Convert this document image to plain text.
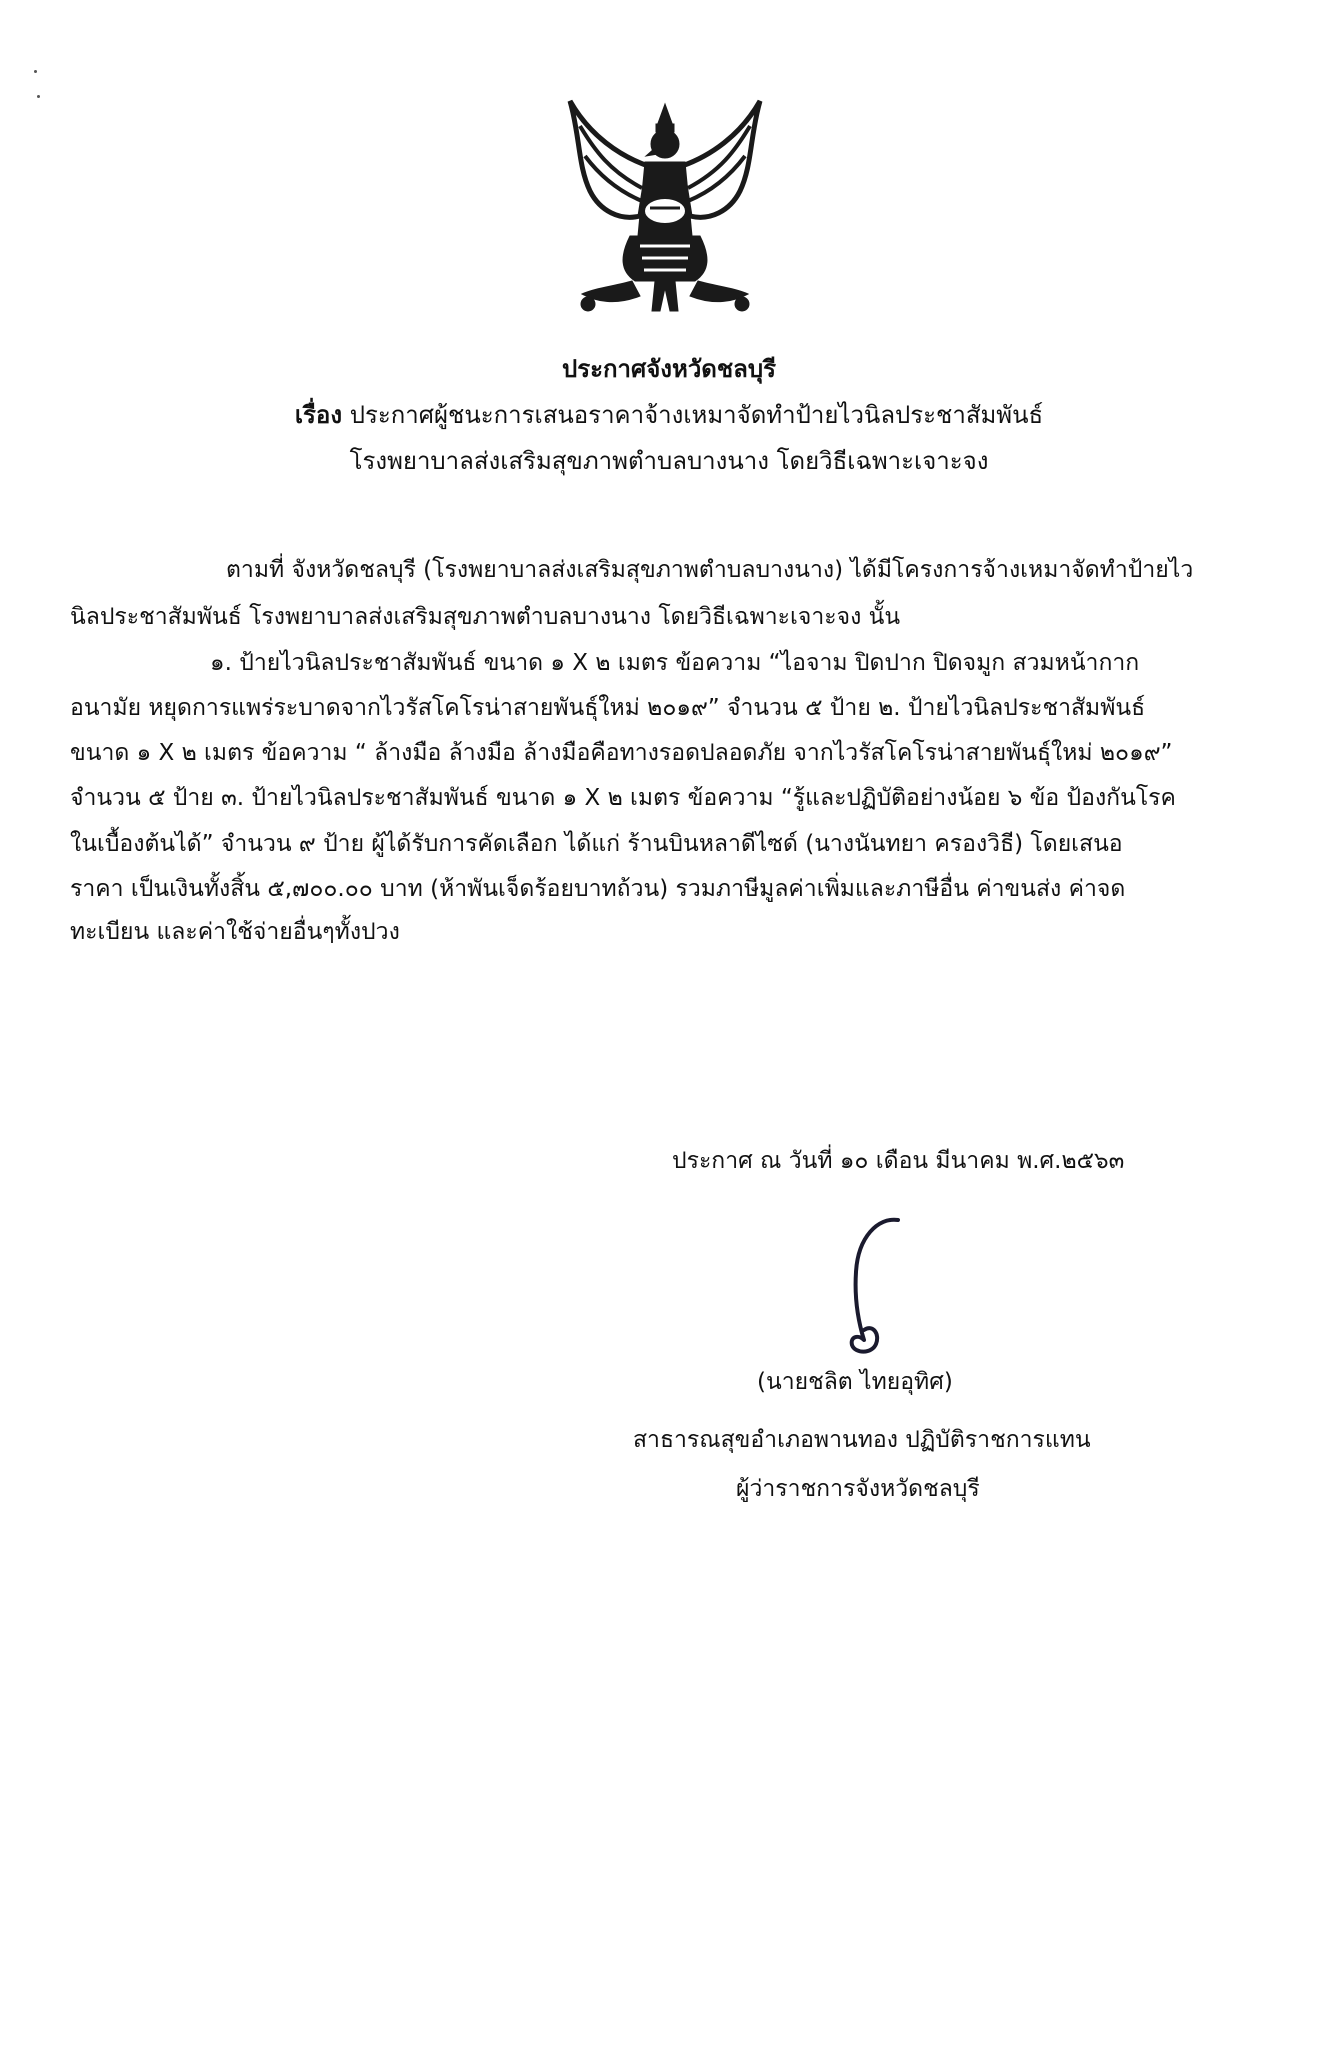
ประกาศจังหวัดชลบุรี
เรื่อง ประกาศผู้ชนะการเสนอราคาจ้างเหมาจัดทำป้ายไวนิลประชาสัมพันธ์
โรงพยาบาลส่งเสริมสุขภาพตำบลบางนาง โดยวิธีเฉพาะเจาะจง
ตามที่ จังหวัดชลบุรี (โรงพยาบาลส่งเสริมสุขภาพตำบลบางนาง) ได้มีโครงการจ้างเหมาจัดทำป้ายไว
นิลประชาสัมพันธ์ โรงพยาบาลส่งเสริมสุขภาพตำบลบางนาง โดยวิธีเฉพาะเจาะจง นั้น
๑. ป้ายไวนิลประชาสัมพันธ์ ขนาด ๑ X ๒ เมตร ข้อความ “ไอจาม ปิดปาก ปิดจมูก สวมหน้ากาก
อนามัย หยุดการแพร่ระบาดจากไวรัสโคโรน่าสายพันธุ์ใหม่ ๒๐๑๙” จำนวน ๕ ป้าย ๒. ป้ายไวนิลประชาสัมพันธ์
ขนาด ๑ X ๒ เมตร ข้อความ “ ล้างมือ ล้างมือ ล้างมือคือทางรอดปลอดภัย จากไวรัสโคโรน่าสายพันธุ์ใหม่ ๒๐๑๙”
จำนวน ๕ ป้าย ๓. ป้ายไวนิลประชาสัมพันธ์ ขนาด ๑ X ๒ เมตร ข้อความ “รู้และปฏิบัติอย่างน้อย ๖ ข้อ ป้องกันโรค
ในเบื้องต้นได้” จำนวน ๙ ป้าย ผู้ได้รับการคัดเลือก ได้แก่ ร้านบินหลาดีไซด์ (นางนันทยา ครองวิธี) โดยเสนอ
ราคา เป็นเงินทั้งสิ้น ๕,๗๐๐.๐๐ บาท (ห้าพันเจ็ดร้อยบาทถ้วน) รวมภาษีมูลค่าเพิ่มและภาษีอื่น ค่าขนส่ง ค่าจด
ทะเบียน และค่าใช้จ่ายอื่นๆทั้งปวง
ประกาศ ณ วันที่ ๑๐ เดือน มีนาคม พ.ศ.๒๕๖๓
(นายชลิต ไทยอุทิศ)
สาธารณสุขอำเภอพานทอง ปฏิบัติราชการแทน
ผู้ว่าราชการจังหวัดชลบุรี
